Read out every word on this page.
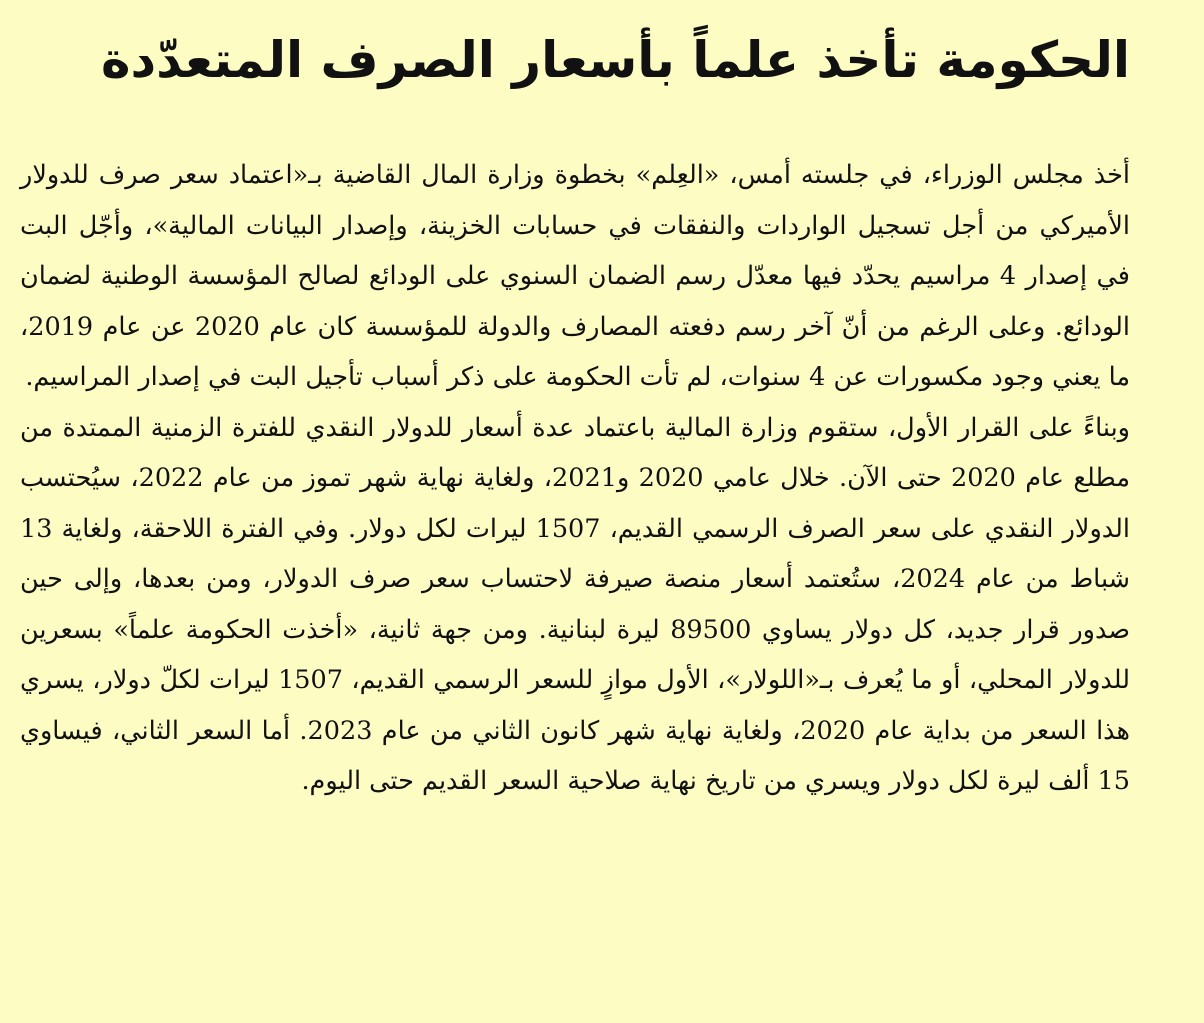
الحكومة تأخذ علماً بأسعار الصرف المتعدّدة

أخذ مجلس الوزراء، في جلسته أمس، «العِلم» بخطوة وزارة المال القاضية بـ«اعتماد سعر صرف للدولار الأميركي من أجل تسجيل الواردات والنفقات في حسابات الخزينة، وإصدار البيانات المالية»، وأجّل البت في إصدار 4 مراسيم يحدّد فيها معدّل رسم الضمان السنوي على الودائع لصالح المؤسسة الوطنية لضمان الودائع. وعلى الرغم من أنّ آخر رسم دفعته المصارف والدولة للمؤسسة كان عام 2020 عن عام 2019، ما يعني وجود مكسورات عن 4 سنوات، لم تأت الحكومة على ذكر أسباب تأجيل البت في إصدار المراسيم.

وبناءً على القرار الأول، ستقوم وزارة المالية باعتماد عدة أسعار للدولار النقدي للفترة الزمنية الممتدة من مطلع عام 2020 حتى الآن. خلال عامي 2020 و2021، ولغاية نهاية شهر تموز من عام 2022، سيُحتسب الدولار النقدي على سعر الصرف الرسمي القديم، 1507 ليرات لكل دولار. وفي الفترة اللاحقة، ولغاية 13 شباط من عام 2024، ستُعتمد أسعار منصة صيرفة لاحتساب سعر صرف الدولار، ومن بعدها، وإلى حين صدور قرار جديد، كل دولار يساوي 89500 ليرة لبنانية. ومن جهة ثانية، «أخذت الحكومة علماً» بسعرين للدولار المحلي، أو ما يُعرف بـ«اللولار»، الأول موازٍ للسعر الرسمي القديم، 1507 ليرات لكلّ دولار، يسري هذا السعر من بداية عام 2020، ولغاية نهاية شهر كانون الثاني من عام 2023. أما السعر الثاني، فيساوي 15 ألف ليرة لكل دولار ويسري من تاريخ نهاية صلاحية السعر القديم حتى اليوم.
